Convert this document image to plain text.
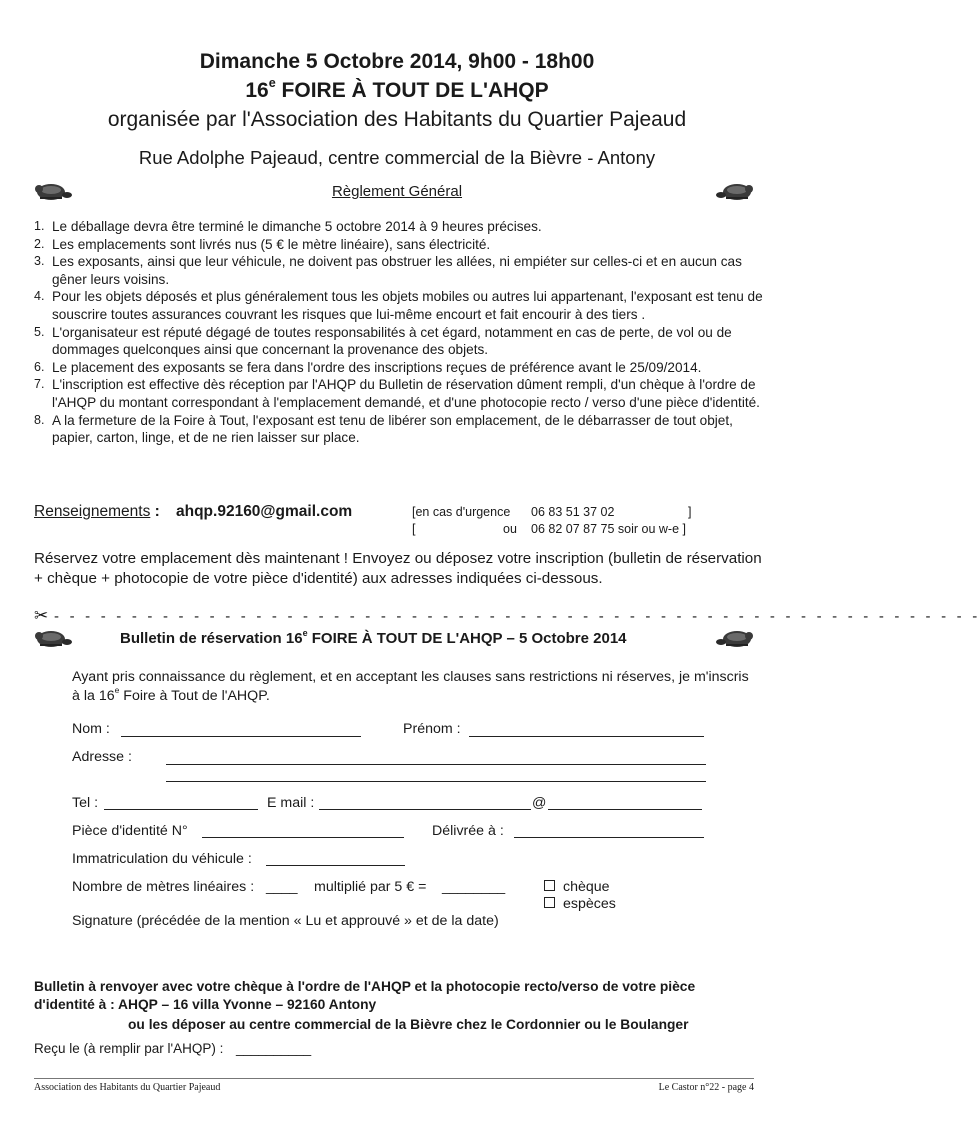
Dimanche 5 Octobre 2014, 9h00 - 18h00
16e FOIRE À TOUT DE L'AHQP
organisée par l'Association des Habitants du Quartier Pajeaud
Rue Adolphe Pajeaud, centre commercial de la Bièvre - Antony
Règlement Général
1. Le déballage devra être terminé le dimanche 5 octobre 2014 à 9 heures précises.
2. Les emplacements sont livrés nus (5 € le mètre linéaire), sans électricité.
3. Les exposants, ainsi que leur véhicule, ne doivent pas obstruer les allées, ni empiéter sur celles-ci et en aucun cas gêner leurs voisins.
4. Pour les objets déposés et plus généralement tous les objets mobiles ou autres lui appartenant, l'exposant est tenu de souscrire toutes assurances couvrant les risques que lui-même encourt et fait encourir à des tiers .
5. L'organisateur est réputé dégagé de toutes responsabilités à cet égard, notamment en cas de perte, de vol ou de dommages quelconques ainsi que concernant la provenance des objets.
6. Le placement des exposants se fera dans l'ordre des inscriptions reçues de préférence avant le 25/09/2014.
7. L'inscription est effective dès réception par l'AHQP du Bulletin de réservation dûment rempli, d'un chèque à l'ordre de l'AHQP du montant correspondant à l'emplacement demandé, et d'une photocopie recto / verso d'une pièce d'identité.
8. A la fermeture de la Foire à Tout, l'exposant est tenu de libérer son emplacement, de le débarrasser de tout objet, papier, carton, linge, et de ne rien laisser sur place.
Renseignements : ahqp.92160@gmail.com	[en cas d'urgence 06 83 51 37 02	]
[	ou 06 82 07 87 75 soir ou w-e ]
Réservez votre emplacement dès maintenant ! Envoyez ou déposez votre inscription (bulletin de réservation + chèque + photocopie de votre pièce d'identité) aux adresses indiquées ci-dessous.
✂ - - - - - - - - - - - - - - - - - - - - - - - - - - - - - - - - - - - - - - - - - - - - - - - - - - - - - - - - - - - -
Bulletin de réservation 16e FOIRE À TOUT DE L'AHQP – 5 Octobre 2014
Ayant pris connaissance du règlement, et en acceptant les clauses sans restrictions ni réserves, je m'inscris à la 16e Foire à Tout de l'AHQP.
Nom :	Prénom :
Adresse :
Tel :	E mail :	@
Pièce d'identité N°	Délivrée à :
Immatriculation du véhicule :
Nombre de mètres linéaires : ____ multiplié par 5 € = ________	chèque
espèces
Signature (précédée de la mention « Lu et approuvé » et de la date)
Bulletin à renvoyer avec votre chèque à l'ordre de l'AHQP et la photocopie recto/verso de votre pièce
d'identité à : AHQP – 16 villa Yvonne – 92160 Antony
ou les déposer au centre commercial de la Bièvre chez le Cordonnier ou le Boulanger
Reçu le (à remplir par l'AHQP) : __________
Association des Habitants du Quartier Pajeaud	Le Castor n°22 - page 4
